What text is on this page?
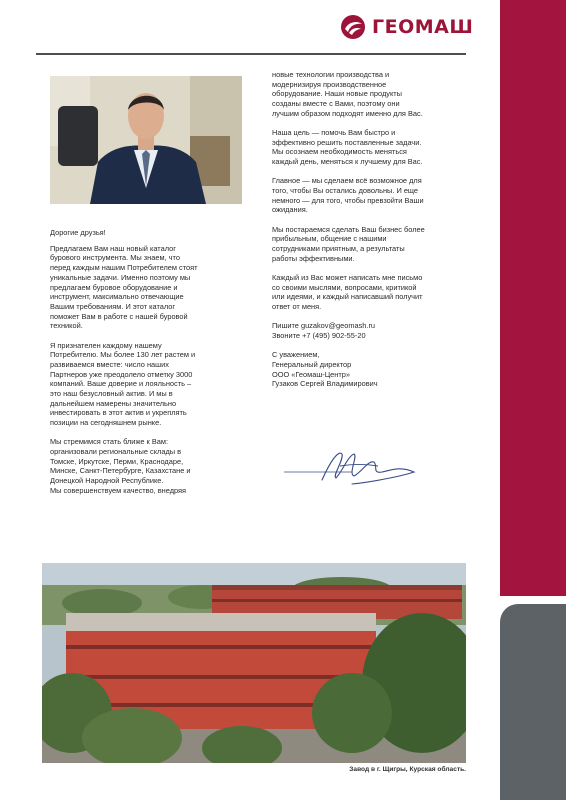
ГЕОМАШ

Дорогие друзья!

Предлагаем Вам наш новый каталог
бурового инструмента. Мы знаем, что
перед каждым нашим Потребителем стоят
уникальные задачи. Именно поэтому мы
предлагаем буровое оборудование и
инструмент, максимально отвечающие
Вашим требованиям. И этот каталог
поможет Вам в работе с нашей буровой
техникой.

Я признателен каждому нашему
Потребителю. Мы более 130 лет растем и
развиваемся вместе: число наших
Партнеров уже преодолело отметку 3000
компаний. Ваше доверие и лояльность –
это наш безусловный актив. И мы в
дальнейшем намерены значительно
инвестировать в этот актив и укреплять
позиции на сегодняшнем рынке.

Мы стремимся стать ближе к Вам:
организовали региональные склады в
Томске, Иркутске, Перми, Краснодаре,
Минске, Санкт-Петербурге, Казахстане и
Донецкой Народной Республике.
Мы совершенствуем качество, внедряя

новые технологии производства и
модернизируя производственное
оборудование. Наши новые продукты
созданы вместе с Вами, поэтому они
лучшим образом подходят именно для Вас.

Наша цель — помочь Вам быстро и
эффективно решить поставленные задачи.
Мы осознаем необходимость меняться
каждый день, меняться к лучшему для Вас.

Главное — мы сделаем всё возможное для
того, чтобы Вы остались довольны. И еще
немного — для того, чтобы превзойти Ваши
ожидания.

Мы постараемся сделать Ваш бизнес более
прибыльным, общение с нашими
сотрудниками приятным, а результаты
работы эффективными.

Каждый из Вас может написать мне письмо
со своими мыслями, вопросами, критикой
или идеями, и каждый написавший получит
ответ от меня.

Пишите guzakov@geomash.ru
Звоните +7 (495) 902-55-20

С уважением,
Генеральный директор
ООО «Геомаш-Центр»
Гузаков Сергей Владимирович

Завод в г. Щигры, Курская область.
